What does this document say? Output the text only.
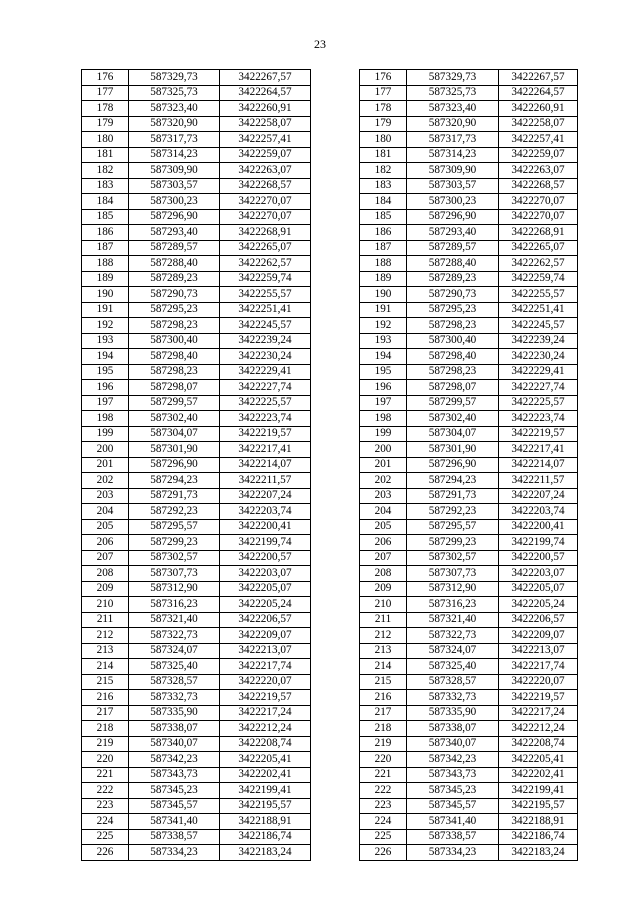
23
176	587329,73	3422267,57		176	587329,73	3422267,57
177	587325,73	3422264,57		177	587325,73	3422264,57
178	587323,40	3422260,91		178	587323,40	3422260,91
179	587320,90	3422258,07		179	587320,90	3422258,07
180	587317,73	3422257,41		180	587317,73	3422257,41
181	587314,23	3422259,07		181	587314,23	3422259,07
182	587309,90	3422263,07		182	587309,90	3422263,07
183	587303,57	3422268,57		183	587303,57	3422268,57
184	587300,23	3422270,07		184	587300,23	3422270,07
185	587296,90	3422270,07		185	587296,90	3422270,07
186	587293,40	3422268,91		186	587293,40	3422268,91
187	587289,57	3422265,07		187	587289,57	3422265,07
188	587288,40	3422262,57		188	587288,40	3422262,57
189	587289,23	3422259,74		189	587289,23	3422259,74
190	587290,73	3422255,57		190	587290,73	3422255,57
191	587295,23	3422251,41		191	587295,23	3422251,41
192	587298,23	3422245,57		192	587298,23	3422245,57
193	587300,40	3422239,24		193	587300,40	3422239,24
194	587298,40	3422230,24		194	587298,40	3422230,24
195	587298,23	3422229,41		195	587298,23	3422229,41
196	587298,07	3422227,74		196	587298,07	3422227,74
197	587299,57	3422225,57		197	587299,57	3422225,57
198	587302,40	3422223,74		198	587302,40	3422223,74
199	587304,07	3422219,57		199	587304,07	3422219,57
200	587301,90	3422217,41		200	587301,90	3422217,41
201	587296,90	3422214,07		201	587296,90	3422214,07
202	587294,23	3422211,57		202	587294,23	3422211,57
203	587291,73	3422207,24		203	587291,73	3422207,24
204	587292,23	3422203,74		204	587292,23	3422203,74
205	587295,57	3422200,41		205	587295,57	3422200,41
206	587299,23	3422199,74		206	587299,23	3422199,74
207	587302,57	3422200,57		207	587302,57	3422200,57
208	587307,73	3422203,07		208	587307,73	3422203,07
209	587312,90	3422205,07		209	587312,90	3422205,07
210	587316,23	3422205,24		210	587316,23	3422205,24
211	587321,40	3422206,57		211	587321,40	3422206,57
212	587322,73	3422209,07		212	587322,73	3422209,07
213	587324,07	3422213,07		213	587324,07	3422213,07
214	587325,40	3422217,74		214	587325,40	3422217,74
215	587328,57	3422220,07		215	587328,57	3422220,07
216	587332,73	3422219,57		216	587332,73	3422219,57
217	587335,90	3422217,24		217	587335,90	3422217,24
218	587338,07	3422212,24		218	587338,07	3422212,24
219	587340,07	3422208,74		219	587340,07	3422208,74
220	587342,23	3422205,41		220	587342,23	3422205,41
221	587343,73	3422202,41		221	587343,73	3422202,41
222	587345,23	3422199,41		222	587345,23	3422199,41
223	587345,57	3422195,57		223	587345,57	3422195,57
224	587341,40	3422188,91		224	587341,40	3422188,91
225	587338,57	3422186,74		225	587338,57	3422186,74
226	587334,23	3422183,24		226	587334,23	3422183,24
